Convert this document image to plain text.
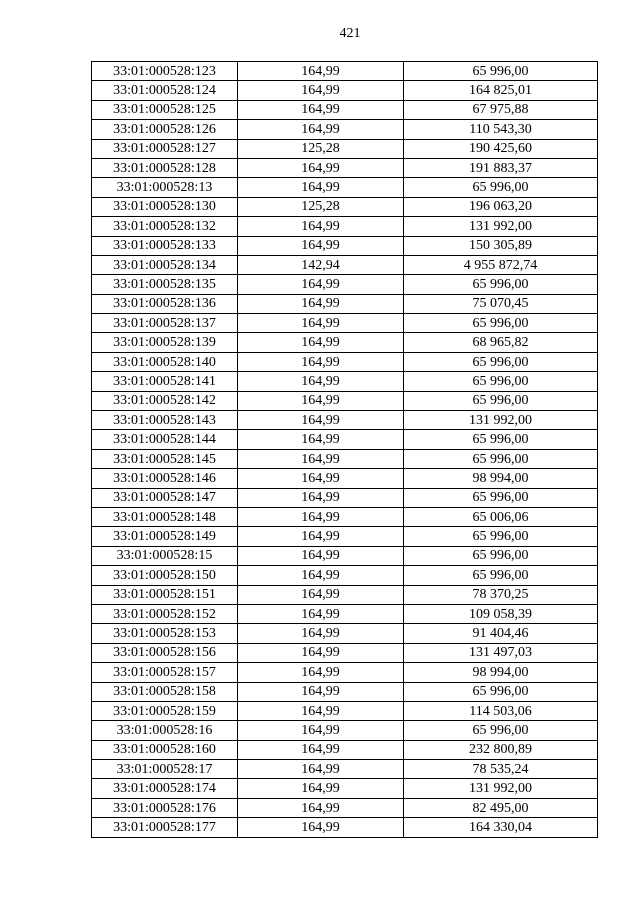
421
33:01:000528:123	164,99	65 996,00
33:01:000528:124	164,99	164 825,01
33:01:000528:125	164,99	67 975,88
33:01:000528:126	164,99	110 543,30
33:01:000528:127	125,28	190 425,60
33:01:000528:128	164,99	191 883,37
33:01:000528:13	164,99	65 996,00
33:01:000528:130	125,28	196 063,20
33:01:000528:132	164,99	131 992,00
33:01:000528:133	164,99	150 305,89
33:01:000528:134	142,94	4 955 872,74
33:01:000528:135	164,99	65 996,00
33:01:000528:136	164,99	75 070,45
33:01:000528:137	164,99	65 996,00
33:01:000528:139	164,99	68 965,82
33:01:000528:140	164,99	65 996,00
33:01:000528:141	164,99	65 996,00
33:01:000528:142	164,99	65 996,00
33:01:000528:143	164,99	131 992,00
33:01:000528:144	164,99	65 996,00
33:01:000528:145	164,99	65 996,00
33:01:000528:146	164,99	98 994,00
33:01:000528:147	164,99	65 996,00
33:01:000528:148	164,99	65 006,06
33:01:000528:149	164,99	65 996,00
33:01:000528:15	164,99	65 996,00
33:01:000528:150	164,99	65 996,00
33:01:000528:151	164,99	78 370,25
33:01:000528:152	164,99	109 058,39
33:01:000528:153	164,99	91 404,46
33:01:000528:156	164,99	131 497,03
33:01:000528:157	164,99	98 994,00
33:01:000528:158	164,99	65 996,00
33:01:000528:159	164,99	114 503,06
33:01:000528:16	164,99	65 996,00
33:01:000528:160	164,99	232 800,89
33:01:000528:17	164,99	78 535,24
33:01:000528:174	164,99	131 992,00
33:01:000528:176	164,99	82 495,00
33:01:000528:177	164,99	164 330,04
